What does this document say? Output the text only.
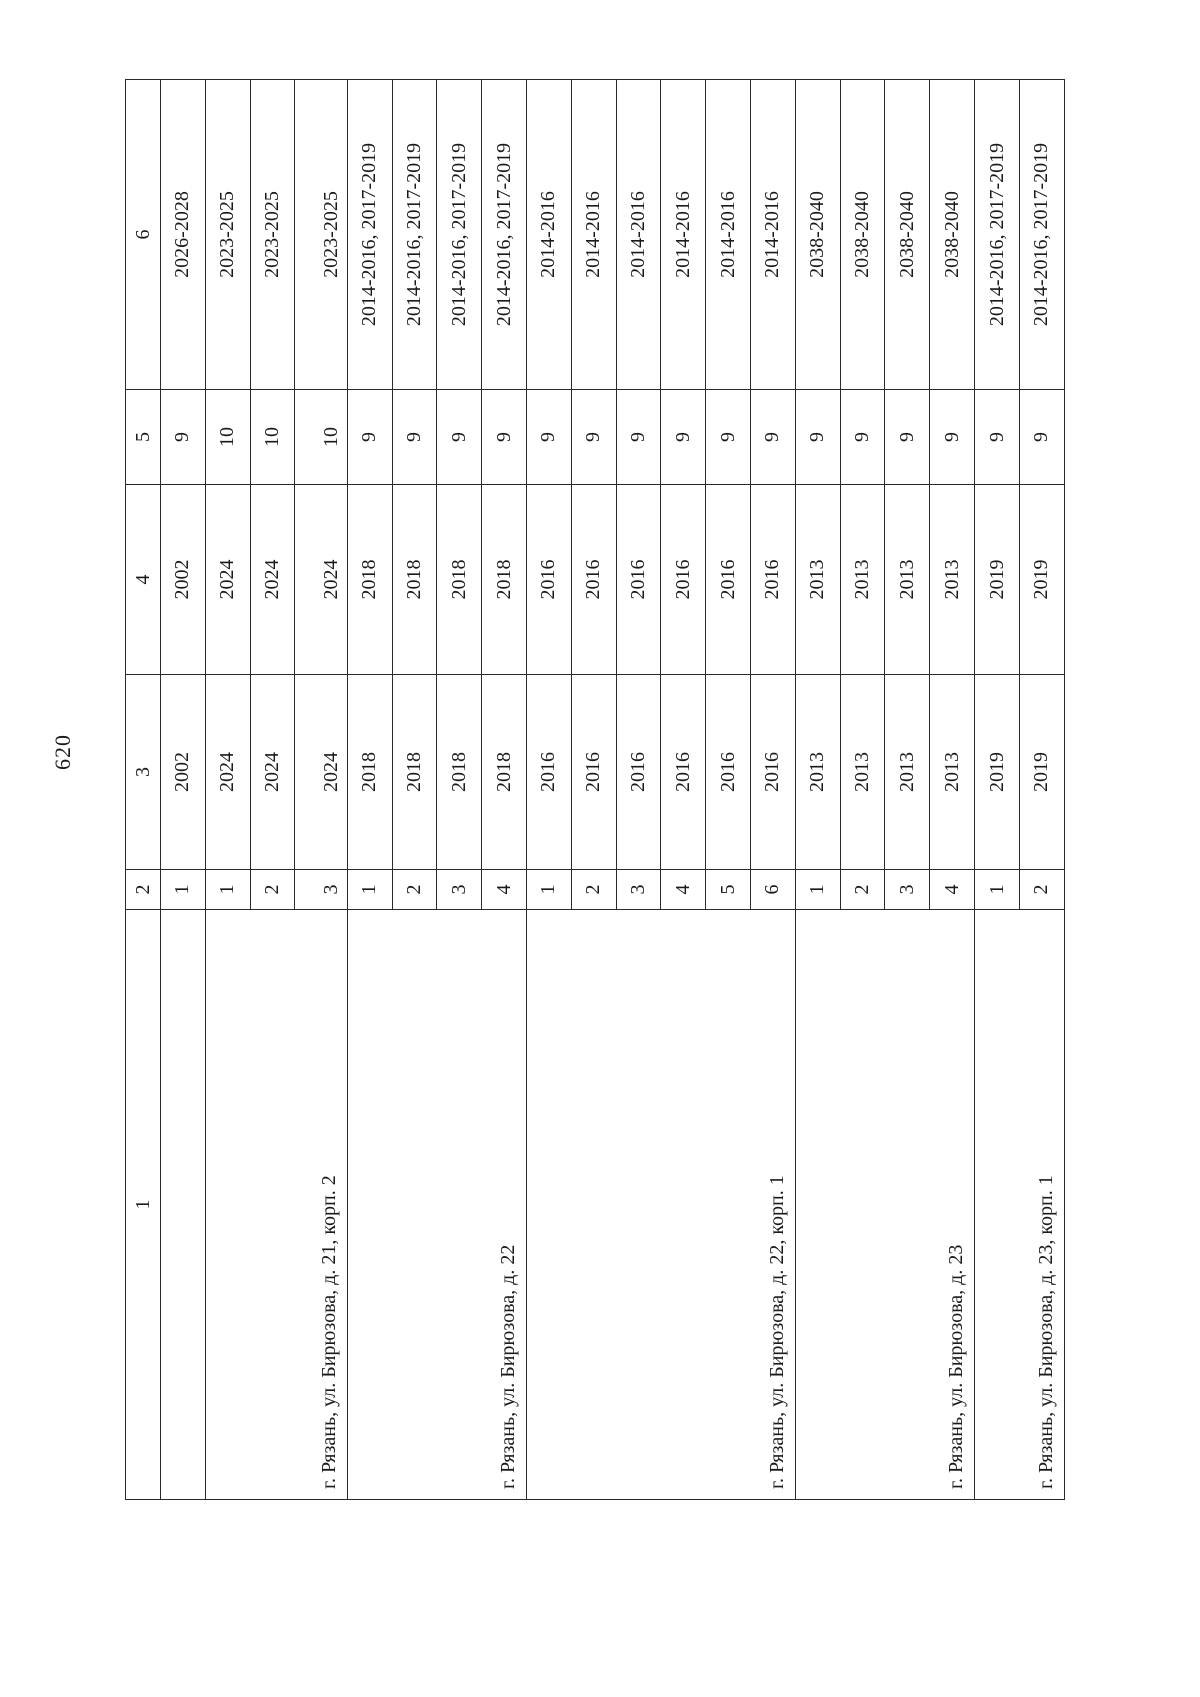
620
1	2	3	4	5	6
	1	2002	2002	9	2026-2028
г. Рязань, ул. Бирюзова, д. 21, корп. 2	1	2024	2024	10	2023-2025
	2	2024	2024	10	2023-2025
	3	2024	2024	10	2023-2025
г. Рязань, ул. Бирюзова, д. 22	1	2018	2018	9	2014-2016, 2017-2019
	2	2018	2018	9	2014-2016, 2017-2019
	3	2018	2018	9	2014-2016, 2017-2019
	4	2018	2018	9	2014-2016, 2017-2019
г. Рязань, ул. Бирюзова, д. 22, корп. 1	1	2016	2016	9	2014-2016
	2	2016	2016	9	2014-2016
	3	2016	2016	9	2014-2016
	4	2016	2016	9	2014-2016
	5	2016	2016	9	2014-2016
	6	2016	2016	9	2014-2016
г. Рязань, ул. Бирюзова, д. 23	1	2013	2013	9	2038-2040
	2	2013	2013	9	2038-2040
	3	2013	2013	9	2038-2040
	4	2013	2013	9	2038-2040
г. Рязань, ул. Бирюзова, д. 23, корп. 1	1	2019	2019	9	2014-2016, 2017-2019
	2	2019	2019	9	2014-2016, 2017-2019
